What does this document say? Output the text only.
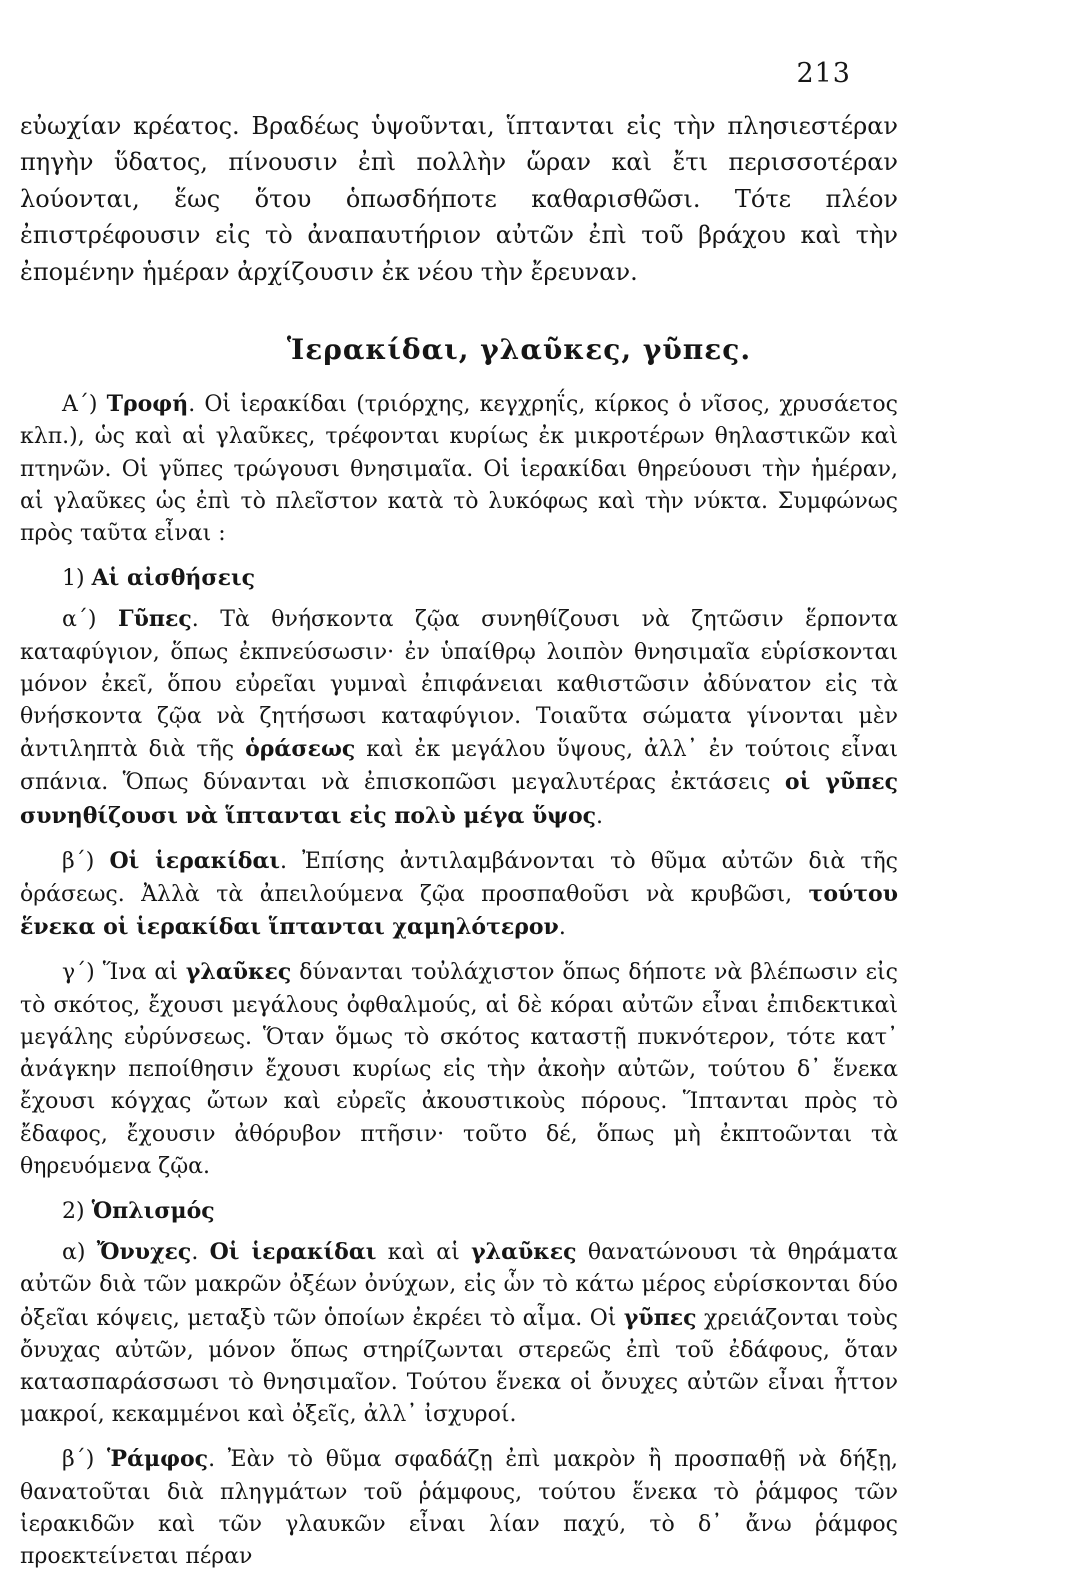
213

εὐωχίαν κρέατος. Βραδέως ὑψοῦνται, ἵπτανται εἰς τὴν πλησιεστέραν πηγὴν ὕδατος, πίνουσιν ἐπὶ πολλὴν ὥραν καὶ ἔτι περισσοτέραν λούονται, ἕως ὅτου ὁπωσδήποτε καθαρισθῶσι. Τότε πλέον ἐπιστρέφουσιν εἰς τὸ ἀναπαυτήριον αὐτῶν ἐπὶ τοῦ βράχου καὶ τὴν ἐπομένην ἡμέραν ἀρχίζουσιν ἐκ νέου τὴν ἔρευναν.

Ἱερακίδαι, γλαῦκες, γῦπες.

Α΄) Τροφή. Οἱ ἱερακίδαι (τριόρχης, κεγχρηΐς, κίρκος ὁ νῖσος, χρυσάετος κλπ.), ὡς καὶ αἱ γλαῦκες, τρέφονται κυρίως ἐκ μικροτέρων θηλαστικῶν καὶ πτηνῶν. Οἱ γῦπες τρώγουσι θνησιμαῖα. Οἱ ἱερακίδαι θηρεύουσι τὴν ἡμέραν, αἱ γλαῦκες ὡς ἐπὶ τὸ πλεῖστον κατὰ τὸ λυκόφως καὶ τὴν νύκτα. Συμφώνως πρὸς ταῦτα εἶναι :

1) Αἱ αἰσθήσεις

α΄) Γῦπες. Τὰ θνήσκοντα ζῷα συνηθίζουσι νὰ ζητῶσιν ἕρποντα καταφύγιον, ὅπως ἐκπνεύσωσιν· ἐν ὑπαίθρῳ λοιπὸν θνησιμαῖα εὑρίσκονται μόνον ἐκεῖ, ὅπου εὐρεῖαι γυμναὶ ἐπιφάνειαι καθιστῶσιν ἀδύνατον εἰς τὰ θνήσκοντα ζῷα νὰ ζητήσωσι καταφύγιον. Τοιαῦτα σώματα γίνονται μὲν ἀντιληπτὰ διὰ τῆς ὁράσεως καὶ ἐκ μεγάλου ὕψους, ἀλλ᾽ ἐν τούτοις εἶναι σπάνια. Ὅπως δύνανται νὰ ἐπισκοπῶσι μεγαλυτέρας ἐκτάσεις οἱ γῦπες συνηθίζουσι νὰ ἵπτανται εἰς πολὺ μέγα ὕψος.

β΄) Οἱ ἱερακίδαι. Ἐπίσης ἀντιλαμβάνονται τὸ θῦμα αὐτῶν διὰ τῆς ὁράσεως. Ἀλλὰ τὰ ἀπειλούμενα ζῷα προσπαθοῦσι νὰ κρυβῶσι, τούτου ἕνεκα οἱ ἱερακίδαι ἵπτανται χαμηλότερον.

γ΄) Ἵνα αἱ γλαῦκες δύνανται τοὐλάχιστον ὅπως δήποτε νὰ βλέπωσιν εἰς τὸ σκότος, ἔχουσι μεγάλους ὀφθαλμούς, αἱ δὲ κόραι αὐτῶν εἶναι ἐπιδεκτικαὶ μεγάλης εὐρύνσεως. Ὅταν ὅμως τὸ σκότος καταστῇ πυκνότερον, τότε κατ᾽ ἀνάγκην πεποίθησιν ἔχουσι κυρίως εἰς τὴν ἀκοὴν αὐτῶν, τούτου δ᾽ ἕνεκα ἔχουσι κόγχας ὤτων καὶ εὐρεῖς ἀκουστικοὺς πόρους. Ἵπτανται πρὸς τὸ ἔδαφος, ἔχουσιν ἀθόρυβον πτῆσιν· τοῦτο δέ, ὅπως μὴ ἐκπτοῶνται τὰ θηρευόμενα ζῷα.

2) Ὁπλισμός

α) Ὄνυχες. Οἱ ἱερακίδαι καὶ αἱ γλαῦκες θανατώνουσι τὰ θηράματα αὐτῶν διὰ τῶν μακρῶν ὀξέων ὀνύχων, εἰς ὧν τὸ κάτω μέρος εὑρίσκονται δύο ὀξεῖαι κόψεις, μεταξὺ τῶν ὁποίων ἐκρέει τὸ αἷμα. Οἱ γῦπες χρειάζονται τοὺς ὄνυχας αὐτῶν, μόνον ὅπως στηρίζωνται στερεῶς ἐπὶ τοῦ ἐδάφους, ὅταν κατασπαράσσωσι τὸ θνησιμαῖον. Τούτου ἕνεκα οἱ ὄνυχες αὐτῶν εἶναι ἧττον μακροί, κεκαμμένοι καὶ ὀξεῖς, ἀλλ᾽ ἰσχυροί.

β΄) Ῥάμφος. Ἐὰν τὸ θῦμα σφαδάζῃ ἐπὶ μακρὸν ἢ προσπαθῇ νὰ δήξῃ, θανατοῦται διὰ πληγμάτων τοῦ ῥάμφους, τούτου ἕνεκα τὸ ῥάμφος τῶν ἱερακιδῶν καὶ τῶν γλαυκῶν εἶναι λίαν παχύ, τὸ δ᾽ ἄνω ῥάμφος προεκτείνεται πέραν
